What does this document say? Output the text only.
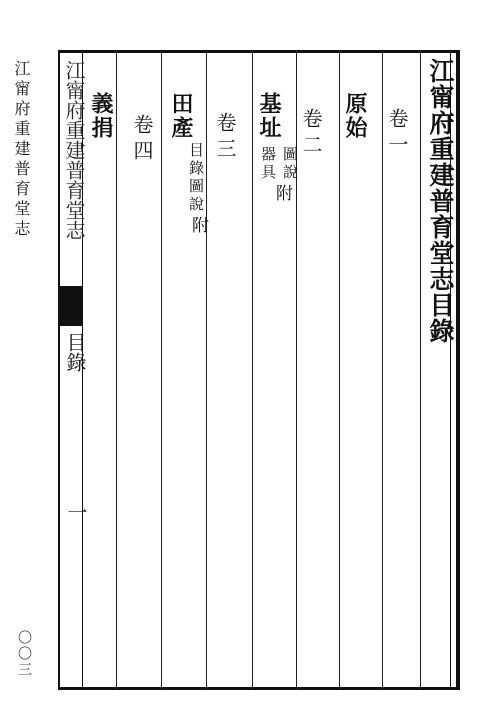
江甯府重建普育堂志
〇〇三
江甯府重建普育堂志
目錄
一
江甯府重建普育堂志目錄
卷一
原始
卷二
基址
圖說
器具
附
卷三
田產
目錄圖說
附
卷四
義捐
